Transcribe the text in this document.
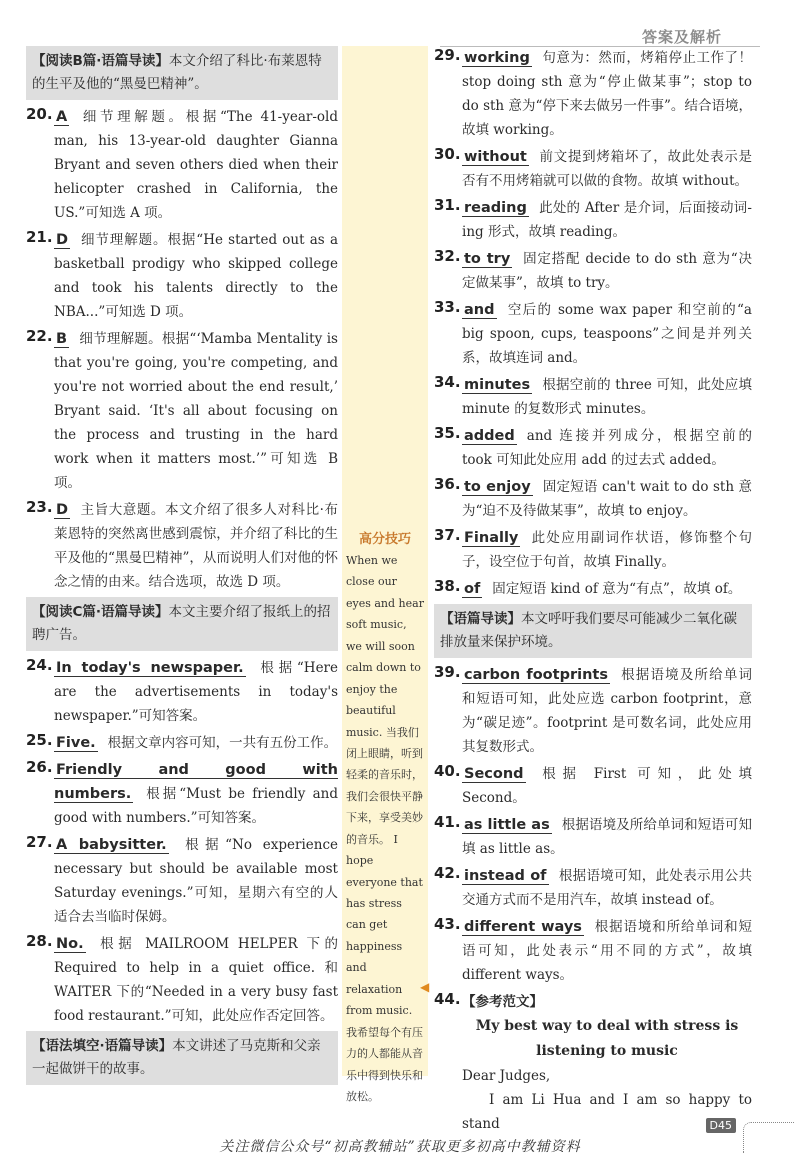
答案及解析
高分技巧
When we close our eyes and hear soft music, we will soon calm down to enjoy the beautiful music. 当我们闭上眼睛，听到轻柔的音乐时，我们会很快平静下来，享受美妙的音乐。 I hope everyone that has stress can get happiness and relaxation from music. 我希望每个有压力的人都能从音乐中得到快乐和放松。
◀
【阅读B篇·语篇导读】本文介绍了科比·布莱恩特的生平及他的“黑曼巴精神”。
20. A 细节理解题。根据“The 41-year-old man, his 13-year-old daughter Gianna Bryant and seven others died when their helicopter crashed in California, the US.”可知选 A 项。
21. D 细节理解题。根据“He started out as a basketball prodigy who skipped college and took his talents directly to the NBA...”可知选 D 项。
22. B 细节理解题。根据“‘Mamba Mentality is that you're going, you're competing, and you're not worried about the end result,’ Bryant said. ‘It's all about focusing on the process and trusting in the hard work when it matters most.’”可知选 B 项。
23. D 主旨大意题。本文介绍了很多人对科比·布莱恩特的突然离世感到震惊，并介绍了科比的生平及他的“黑曼巴精神”，从而说明人们对他的怀念之情的由来。结合选项，故选 D 项。
【阅读C篇·语篇导读】本文主要介绍了报纸上的招聘广告。
24. In today's newspaper. 根据“Here are the advertisements in today's newspaper.”可知答案。
25. Five. 根据文章内容可知，一共有五份工作。
26. Friendly and good with numbers. 根据“Must be friendly and good with numbers.”可知答案。
27. A babysitter. 根据“No experience necessary but should be available most Saturday evenings.”可知，星期六有空的人适合去当临时保姆。
28. No. 根据 MAILROOM HELPER 下的 Required to help in a quiet office. 和 WAITER 下的“Needed in a very busy fast food restaurant.”可知，此处应作否定回答。
【语法填空·语篇导读】本文讲述了马克斯和父亲一起做饼干的故事。
29. working 句意为：然而，烤箱停止工作了！stop doing sth 意为“停止做某事”；stop to do sth 意为“停下来去做另一件事”。结合语境，故填 working。
30. without 前文提到烤箱坏了，故此处表示是否有不用烤箱就可以做的食物。故填 without。
31. reading 此处的 After 是介词，后面接动词-ing 形式，故填 reading。
32. to try 固定搭配 decide to do sth 意为“决定做某事”，故填 to try。
33. and 空后的 some wax paper 和空前的“a big spoon, cups, teaspoons”之间是并列关系，故填连词 and。
34. minutes 根据空前的 three 可知，此处应填 minute 的复数形式 minutes。
35. added and 连接并列成分，根据空前的 took 可知此处应用 add 的过去式 added。
36. to enjoy 固定短语 can't wait to do sth 意为“迫不及待做某事”，故填 to enjoy。
37. Finally 此处应用副词作状语，修饰整个句子，设空位于句首，故填 Finally。
38. of 固定短语 kind of 意为“有点”，故填 of。
【语篇导读】本文呼吁我们要尽可能减少二氧化碳排放量来保护环境。
39. carbon footprints 根据语境及所给单词和短语可知，此处应选 carbon footprint，意为“碳足迹”。footprint 是可数名词，此处应用其复数形式。
40. Second 根据 First 可知，此处填 Second。
41. as little as 根据语境及所给单词和短语可知填 as little as。
42. instead of 根据语境可知，此处表示用公共交通方式而不是用汽车，故填 instead of。
43. different ways 根据语境和所给单词和短语可知，此处表示“用不同的方式”，故填 different ways。
44. 【参考范文】
My best way to deal with stress is listening to music
Dear Judges,
I am Li Hua and I am so happy to stand	D45
关注微信公众号“初高教辅站”获取更多初高中教辅资料
